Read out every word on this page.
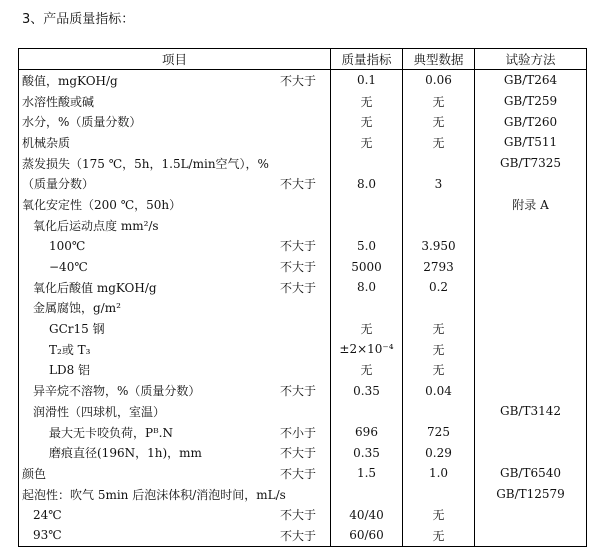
3、产品质量指标：
项目	质量指标	典型数据	试验方法

酸值，mgKOH/g 不大于	0.1	0.06	GB/T264

水溶性酸或碱	无	无	GB/T259

水分，%（质量分数）	无	无	GB/T260

机械杂质	无	无	GB/T511

蒸发损失（175 ℃，5h，1.5L/min空气），%			GB/T7325

（质量分数） 不大于	8.0	3	

氧化安定性（200 ℃，50h）			附录 A

氧化后运动点度 mm²/s			

100℃ 不大于	5.0	3.950	

−40℃ 不大于	5000	2793	

氧化后酸值 mgKOH/g 不大于	8.0	0.2	

金属腐蚀，g/m²			

GCr15 钢	无	无	

T₂或 T₃	±2×10⁻⁴	无	

LD8 铝	无	无	

异辛烷不溶物，%（质量分数） 不大于	0.35	0.04	

润滑性（四球机，室温）			GB/T3142

最大无卡咬负荷，Pᴮ.N 不小于	696	725	

磨痕直径(196N，1h)，mm 不大于	0.35	0.29	

颜色 不大于	1.5	1.0	GB/T6540

起泡性：吹气 5min 后泡沫体积/消泡时间，mL/s			GB/T12579

24℃ 不大于	40/40	无	

93℃ 不大于	60/60	无	
